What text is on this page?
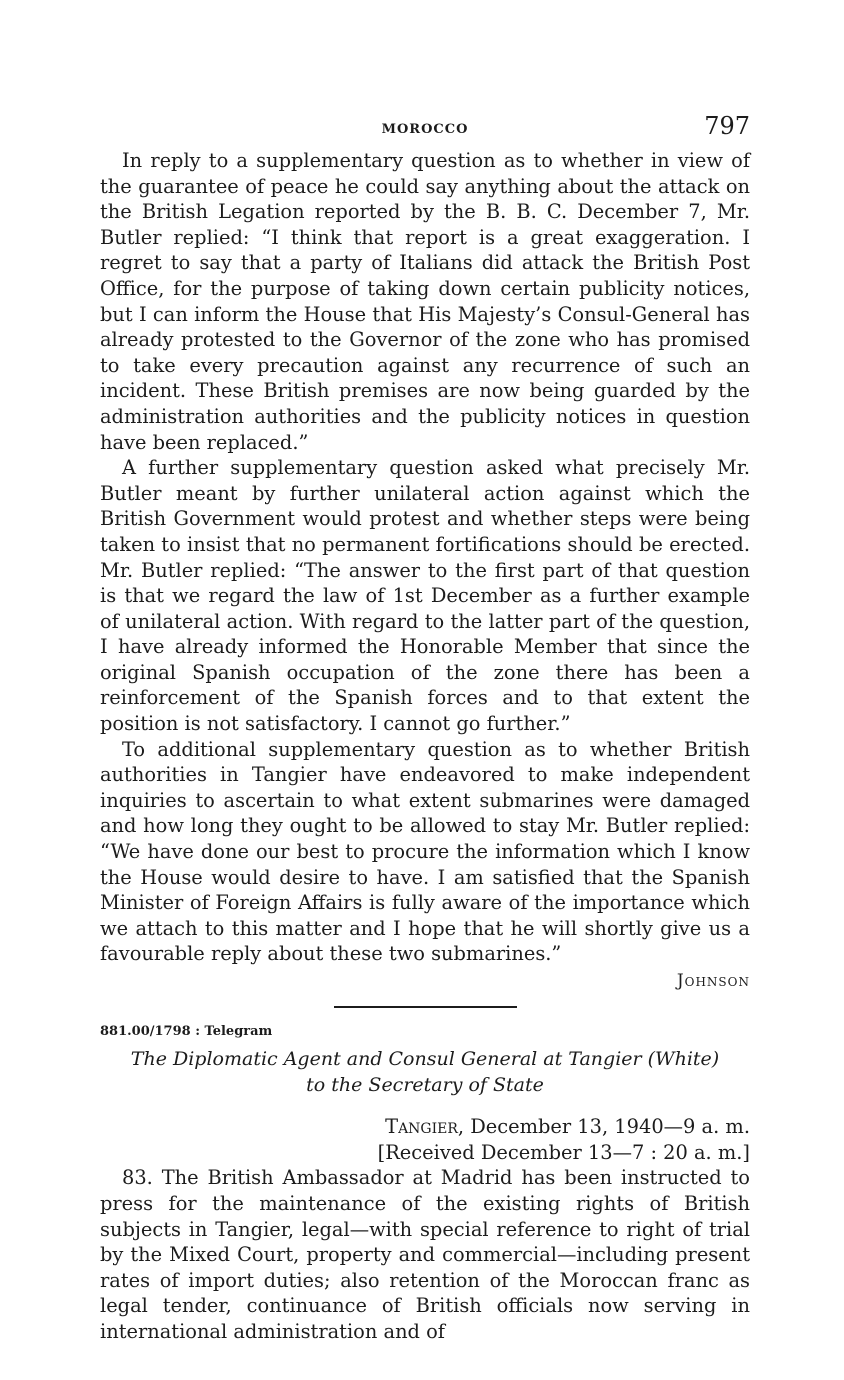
MOROCCO	797

In reply to a supplementary question as to whether in view of the guarantee of peace he could say anything about the attack on the British Legation reported by the B. B. C. December 7, Mr. Butler replied: “I think that report is a great exaggeration. I regret to say that a party of Italians did attack the British Post Office, for the purpose of taking down certain publicity notices, but I can inform the House that His Majesty’s Consul-General has already protested to the Governor of the zone who has promised to take every precaution against any recurrence of such an incident. These British premises are now being guarded by the administration authorities and the publicity notices in question have been replaced.”

A further supplementary question asked what precisely Mr. Butler meant by further unilateral action against which the British Government would protest and whether steps were being taken to insist that no permanent fortifications should be erected. Mr. Butler replied: “The answer to the first part of that question is that we regard the law of 1st December as a further example of unilateral action. With regard to the latter part of the question, I have already informed the Honorable Member that since the original Spanish occupation of the zone there has been a reinforcement of the Spanish forces and to that extent the position is not satisfactory. I cannot go further.”

To additional supplementary question as to whether British authorities in Tangier have endeavored to make independent inquiries to ascertain to what extent submarines were damaged and how long they ought to be allowed to stay Mr. Butler replied: “We have done our best to procure the information which I know the House would desire to have. I am satisfied that the Spanish Minister of Foreign Affairs is fully aware of the importance which we attach to this matter and I hope that he will shortly give us a favourable reply about these two submarines.”

Johnson
881.00/1798 : Telegram
The Diplomatic Agent and Consul General at Tangier (White)
to the Secretary of State
Tangier, December 13, 1940—9 a. m.
[Received December 13—7 : 20 a. m.]

83. The British Ambassador at Madrid has been instructed to press for the maintenance of the existing rights of British subjects in Tangier, legal—with special reference to right of trial by the Mixed Court, property and commercial—including present rates of import duties; also retention of the Moroccan franc as legal tender, continuance of British officials now serving in international administration and of
